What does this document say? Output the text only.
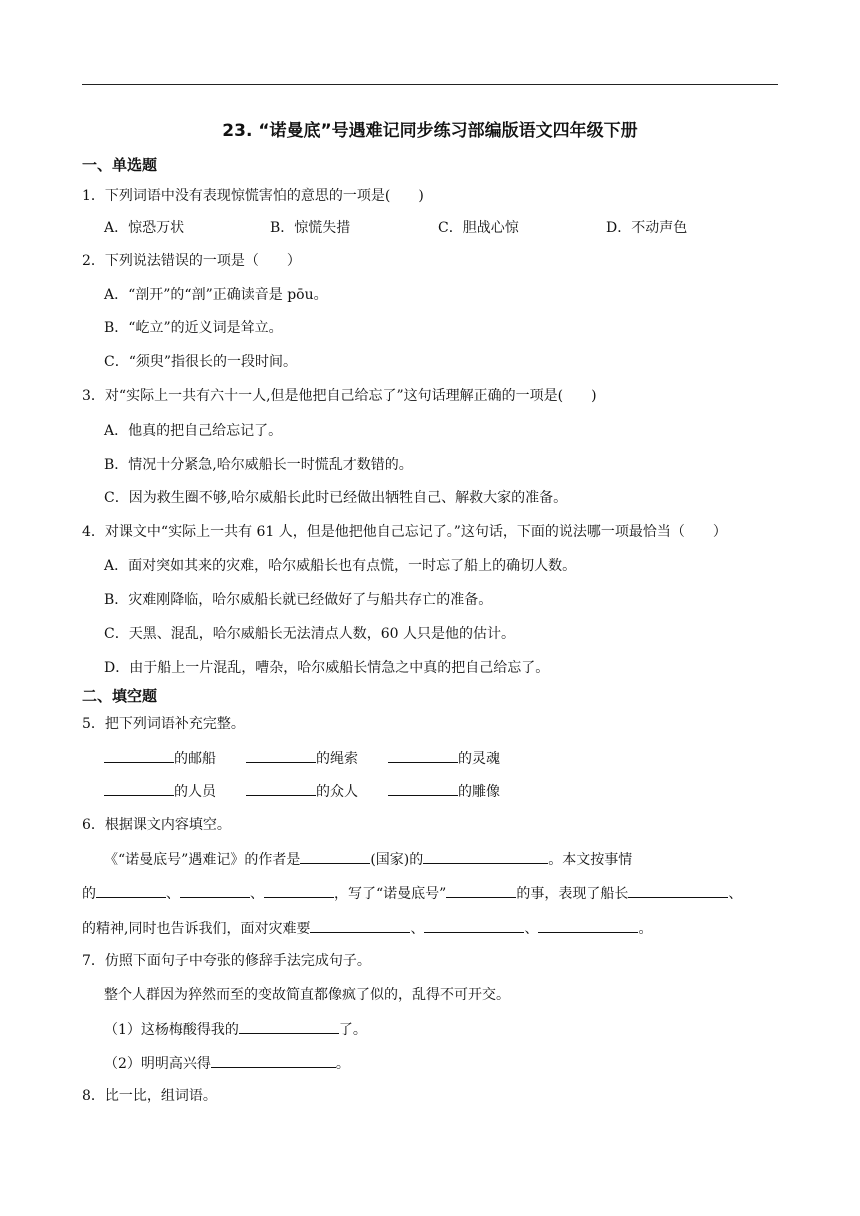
23. “诺曼底”号遇难记同步练习部编版语文四年级下册
一、单选题
1．下列词语中没有表现惊慌害怕的意思的一项是(　　)
A．惊恐万状	B．惊慌失措	C．胆战心惊	D．不动声色
2．下列说法错误的一项是（　　）
A．“剖开”的“剖”正确读音是 pōu。
B．“屹立”的近义词是耸立。
C．“须臾”指很长的一段时间。
3．对“实际上一共有六十一人,但是他把自己给忘了”这句话理解正确的一项是(　　)
A．他真的把自己给忘记了。
B．情况十分紧急,哈尔威船长一时慌乱才数错的。
C．因为救生圈不够,哈尔威船长此时已经做出牺牲自己、解救大家的准备。
4．对课文中“实际上一共有 61 人，但是他把他自己忘记了。”这句话，下面的说法哪一项最恰当（　　）
A．面对突如其来的灾难，哈尔威船长也有点慌，一时忘了船上的确切人数。
B．灾难刚降临，哈尔威船长就已经做好了与船共存亡的准备。
C．天黑、混乱，哈尔威船长无法清点人数，60 人只是他的估计。
D．由于船上一片混乱，嘈杂，哈尔威船长情急之中真的把自己给忘了。
二、填空题
5．把下列词语补充完整。
的邮船	的绳索	的灵魂
的人员	的众人	的雕像
6．根据课文内容填空。
《“诺曼底号”遇难记》的作者是	(国家)的	。本文按事情
的	、	、	，写了“诺曼底号”	的事，表现了船长	、
的精神,同时也告诉我们，面对灾难要	、	、	。
7．仿照下面句子中夸张的修辞手法完成句子。
整个人群因为猝然而至的变故简直都像疯了似的，乱得不可开交。
（1）这杨梅酸得我的	了。
（2）明明高兴得	。
8．比一比，组词语。
